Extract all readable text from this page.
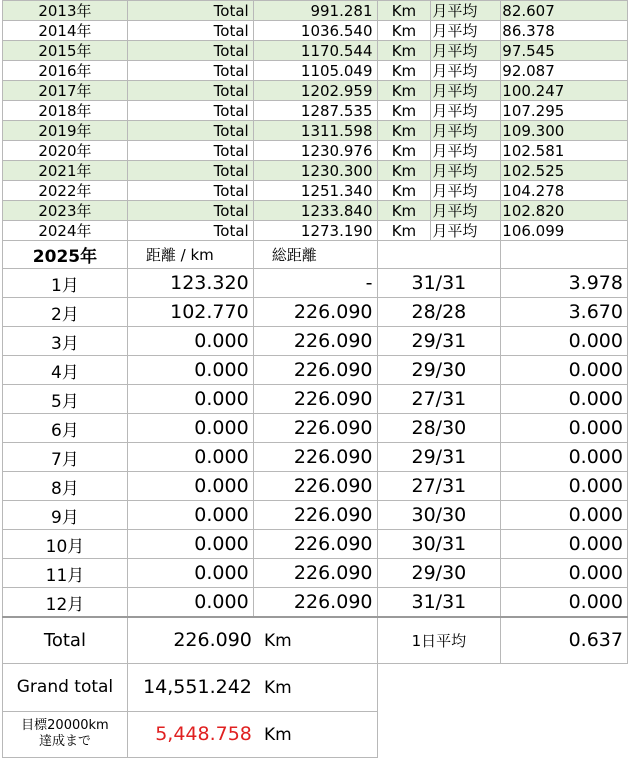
2013年	Total	991.281	Km	月平均	82.607
2014年	Total	1036.540	Km	月平均	86.378
2015年	Total	1170.544	Km	月平均	97.545
2016年	Total	1105.049	Km	月平均	92.087
2017年	Total	1202.959	Km	月平均	100.247
2018年	Total	1287.535	Km	月平均	107.295
2019年	Total	1311.598	Km	月平均	109.300
2020年	Total	1230.976	Km	月平均	102.581
2021年	Total	1230.300	Km	月平均	102.525
2022年	Total	1251.340	Km	月平均	104.278
2023年	Total	1233.840	Km	月平均	102.820
2024年	Total	1273.190	Km	月平均	106.099
2025年	距離 / km	総距離			
1月	123.320	-	31/31		3.978
2月	102.770	226.090	28/28		3.670
3月	0.000	226.090	29/31		0.000
4月	0.000	226.090	29/30		0.000
5月	0.000	226.090	27/31		0.000
6月	0.000	226.090	28/30		0.000
7月	0.000	226.090	29/31		0.000
8月	0.000	226.090	27/31		0.000
9月	0.000	226.090	30/30		0.000
10月	0.000	226.090	30/31		0.000
11月	0.000	226.090	29/30		0.000
12月	0.000	226.090	31/31		0.000
Total	226.090 Km		1日平均		0.637
Grand total	14,551.242 Km				

目標20000km
達成まで	5,448.758 Km				
